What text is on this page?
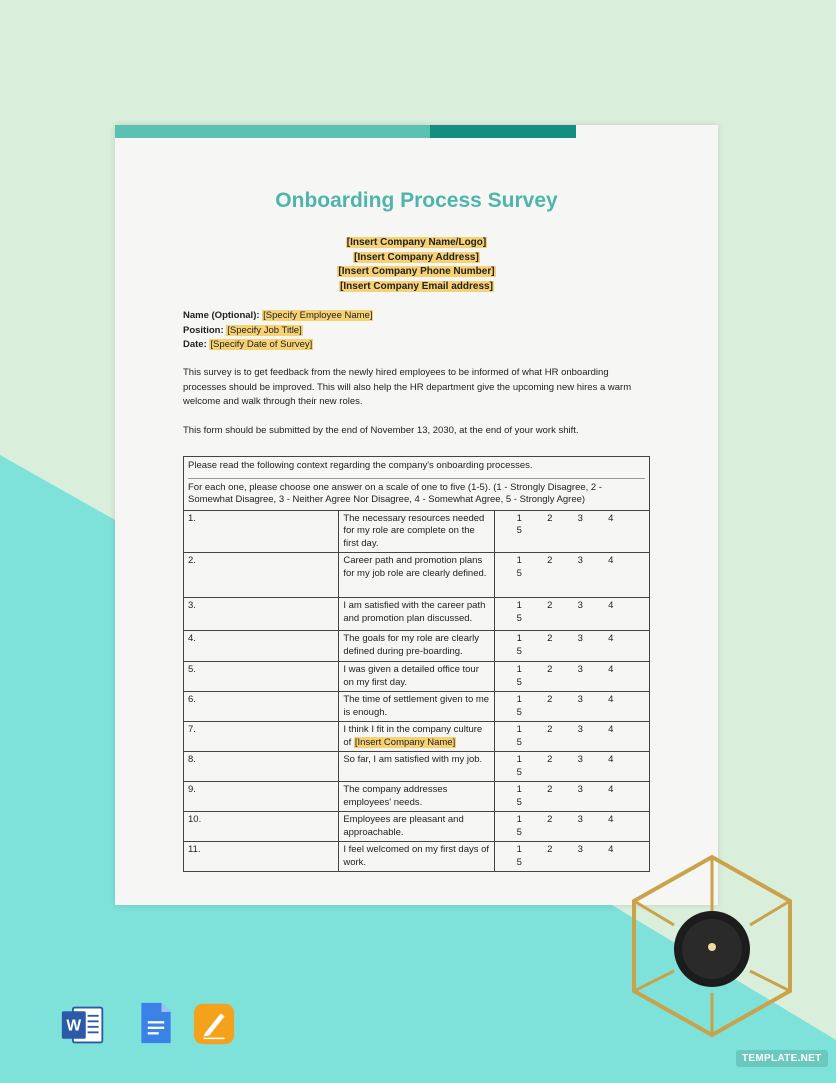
Onboarding Process Survey
[Insert Company Name/Logo]
[Insert Company Address]
[Insert Company Phone Number]
[Insert Company Email address]
Name (Optional): [Specify Employee Name]
Position: [Specify Job Title]
Date: [Specify Date of Survey]
This survey is to get feedback from the newly hired employees to be informed of what HR onboarding processes should be improved. This will also help the HR department give the upcoming new hires a warm welcome and walk through their new roles.
This form should be submitted by the end of November 13, 2030, at the end of your work shift.
Please read the following context regarding the company's onboarding processes.
For each one, please choose one answer on a scale of one to five (1-5). (1 - Strongly Disagree, 2 - Somewhat Disagree, 3 - Neither Agree Nor Disagree, 4 - Somewhat Agree, 5 - Strongly Agree)		

1.	The necessary resources needed for my role are complete on the first day.	1 2 3 45
2.	Career path and promotion plans for my job role are clearly defined.	1 2 3 45
3.	I am satisfied with the career path and promotion plan discussed.	1 2 3 45
4.	The goals for my role are clearly defined during pre-boarding.	1 2 3 45
5.	I was given a detailed office tour on my first day.	1 2 3 45
6.	The time of settlement given to me is enough.	1 2 3 45
7.	I think I fit in the company culture of [Insert Company Name]	1 2 3 45
8.	So far, I am satisfied with my job.	1 2 3 45
9.	The company addresses employees' needs.	1 2 3 45
10.	Employees are pleasant and approachable.	1 2 3 45
11.	I feel welcomed on my first days of work.	1 2 3 45
W
TEMPLATE.NET
